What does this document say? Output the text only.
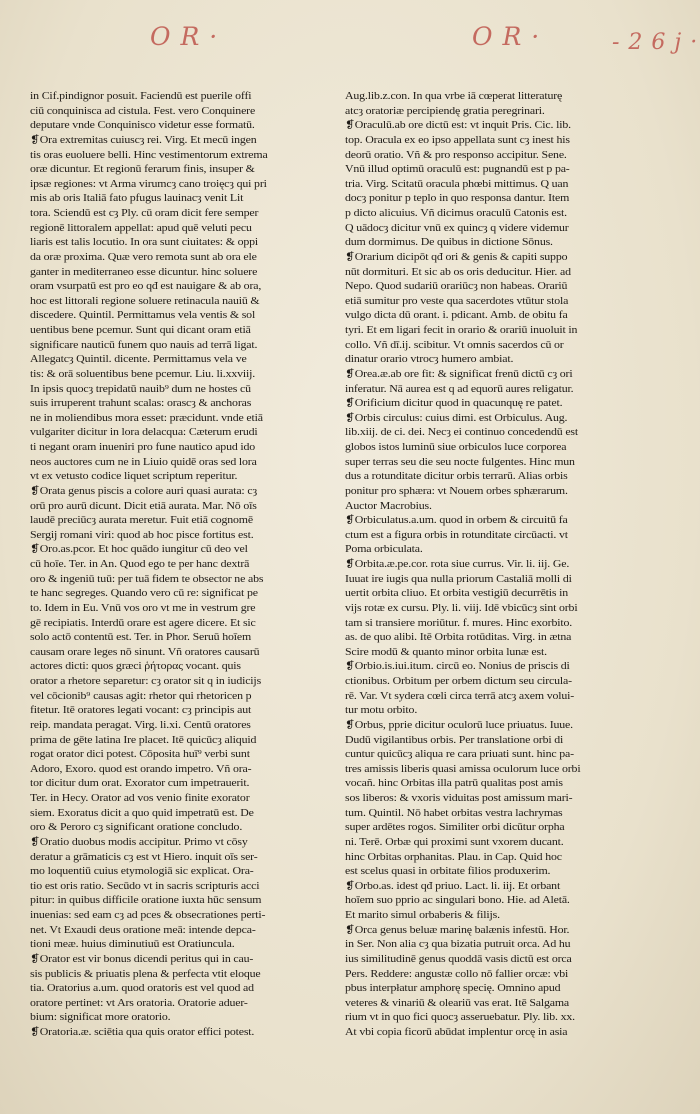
O R ·	O R ·	- 2 6 j ·
in Cif.pindignor posuit. Faciendū est puerile offi
ciū conquinisca ad cistula. Fest. vero Conquinere
deputare vnde Conquinisco videtur esse formatū.
❡Ora extremitas cuiuscȝ rei. Virg. Et mecū ingen
tis oras euoluere belli. Hinc vestimentorum extrema
oræ dicuntur. Et regionū ferarum finis, insuper &
ipsæ regiones: vt Arma virumcȝ cano troięcȝ qui pri
mis ab oris Italiā fato pfugus lauinacȝ venit Lit
tora. Sciendū est cȝ Ply. cū oram dicit fere semper
regionē littoralem appellat: apud quē veluti pecu
liaris est talis locutio. In ora sunt ciuitates: & oppi
da oræ proxima. Quæ vero remota sunt ab ora ele
ganter in mediterraneo esse dicuntur. hinc soluere
oram vsurpatū est pro eo qđ est nauigare & ab ora,
hoc est littorali regione soluere retinacula nauiū &
discedere. Quintil. Permittamus vela ventis & sol
uentibus bene pcemur. Sunt qui dicant oram etiā
significare nauticū funem quo nauis ad terrā ligat.
Allegatcȝ Quintil. dicente. Permittamus vela ve
tis: & orā soluentibus bene pcemur. Liu. li.xxviij.
In ipsis quocȝ trepidatū nauib⁹ dum ne hostes cū
suis irruperent trahunt scalas: orascȝ & anchoras
ne in moliendibus mora esset: præcidunt. vnde etiā
vulgariter dicitur in lora delacqua: Cæterum erudi
ti negant oram inueniri pro fune nautico apud ido
neos auctores cum ne in Liuio quidē oras sed lora
vt ex vetusto codice liquet scriptum reperitur.
❡Orata genus piscis a colore auri quasi aurata: cȝ
orū pro aurū dicunt. Dicit etiā aurata. Mar. Nō oīs
laudē preciūcȝ aurata meretur. Fuit etiā cognomē
Sergij romani viri: quod ab hoc pisce fortitus est.
❡Oro.as.pcor. Et hoc quādo iungitur cū deo vel
cū hoīe. Ter. in An. Quod ego te per hanc dextrā
oro & ingeniū tuū: per tuā fidem te obsector ne abs
te hanc segreges. Quando vero cū re: significat pe
to. Idem in Eu. Vnū vos oro vt me in vestrum gre
gē recipiatis. Interdū orare est agere dicere. Et sic
solo actō contentū est. Ter. in Phor. Seruū hoīem
causam orare leges nō sinunt. Vñ oratores causarū
actores dicti: quos græci ῥήτορας vocant. quis
orator a rhetore separetur: cȝ orator sit q in iudicijs
vel cōcionib⁹ causas agit: rhetor qui rhetoricen p
fitetur. Itē oratores legati vocant: cȝ principis aut
reip. mandata peragat. Virg. li.xi. Centū oratores
prima de gēte latina Ire placet. Itē quicūcȝ aliquid
rogat orator dici potest. Cōposita huī⁹ verbi sunt
Adoro, Exoro. quod est orando impetro. Vñ ora-
tor dicitur dum orat. Exorator cum impetrauerit.
Ter. in Hecy. Orator ad vos venio finite exorator
siem. Exoratus dicit a quo quid impetratū est. De
oro & Peroro cȝ significant oratione concludo.
❡Oratio duobus modis accipitur. Primo vt cōsy
deratur a grāmaticis cȝ est vt Hiero. inquit oīs ser-
mo loquentiū cuius etymologiā sic explicat. Ora-
tio est oris ratio. Secūdo vt in sacris scripturis acci
pitur: in quibus difficile oratione iuxta hūc sensum
inuenias: sed eam cȝ ad pces & obsecrationes perti-
net. Vt Exaudi deus oratione meā: intende depca-
tioni meæ. huius diminutiuū est Oratiuncula.
❡Orator est vir bonus dicendi peritus qui in cau-
sis publicis & priuatis plena & perfecta vtit eloque
tia. Oratorius a.um. quod oratoris est vel quod ad
oratore pertinet: vt Ars oratoria. Oratorie aduer-
bium: significat more oratorio.
❡Oratoria.æ. sciētia qua quis orator effici potest.
Aug.lib.z.con. In qua vrbe iā cœperat litteraturę
atcȝ oratoriæ percipiendę gratia peregrinari.
❡Oraculū.ab ore dictū est: vt inquit Pris. Cic. lib.
top. Oracula ex eo ipso appellata sunt cȝ inest his
deorū oratio. Vñ & pro responso accipitur. Sene.
Vnū illud optimū oraculū est: pugnandū est p pa-
tria. Virg. Scitatū oracula phœbi mittimus. Q uan
docȝ ponitur p teplo in quo responsa dantur. Item
p dicto alicuius. Vñ dicimus oraculū Catonis est.
Q uādocȝ dicitur vnū ex quincȝ q videre videmur
dum dormimus. De quibus in dictione Sōnus.
❡Orarium dicipōt qđ ori & genis & capiti suppo
nūt dormituri. Et sic ab os oris deducitur. Hier. ad
Nepo. Quod sudariū orariūcȝ non habeas. Orariū
etiā sumitur pro veste qua sacerdotes vtūtur stola
vulgo dicta dū orant. i. pdicant. Amb. de obitu fa
tyri. Et em ligari fecit in orario & orariū inuoluit in
collo. Vñ dī.ij. scibitur. Vt omnis sacerdos cū or
dinatur orario vtrocȝ humero ambiat.
❡Orea.æ.ab ore fit: & significat frenū dictū cȝ ori
inferatur. Nā aurea est q ad equorū aures religatur.
❡Orificium dicitur quod in quacunquę re patet.
❡Orbis circulus: cuius dimi. est Orbiculus. Aug.
lib.xiij. de ci. dei. Necȝ ei continuo concedendū est
globos istos luminū siue orbiculos luce corporea
super terras seu die seu nocte fulgentes. Hinc mun
dus a rotunditate dicitur orbis terrarū. Alias orbis
ponitur pro sphæra: vt Nouem orbes sphærarum.
Auctor Macrobius.
❡Orbiculatus.a.um. quod in orbem & circuitū fa
ctum est a figura orbis in rotunditate circūacti. vt
Poma orbiculata.
❡Orbita.æ.pe.cor. rota siue currus. Vir. li. iij. Ge.
Iuuat ire iugis qua nulla priorum Castaliā molli di
uertit orbita cliuo. Et orbita vestigiū decurrētis in
vijs rotæ ex cursu. Ply. li. viij. Idē vbicūcȝ sint orbi
tam si transiere moriūtur. f. mures. Hinc exorbito.
as. de quo alibi. Itē Orbita rotūditas. Virg. in ætna
Scire modū & quanto minor orbita lunæ est.
❡Orbio.is.iui.itum. circū eo. Nonius de priscis di
ctionibus. Orbitum per orbem dictum seu circula-
rē. Var. Vt sydera cœli circa terrā atcȝ axem volui-
tur motu orbito.
❡Orbus, pprie dicitur oculorū luce priuatus. Iuue.
Dudū vigilantibus orbis. Per translatione orbi di
cuntur quicūcȝ aliqua re cara priuati sunt. hinc pa-
tres amissis liberis quasi amissa oculorum luce orbi
vocañ. hinc Orbitas illa patrū qualitas post amis
sos liberos: & vxoris viduitas post amissum mari-
tum. Quintil. Nō habet orbitas vestra lachrymas
super ardētes rogos. Similiter orbi dicūtur orpha
ni. Terē. Orbæ qui proximi sunt vxorem ducant.
hinc Orbitas orphanitas. Plau. in Cap. Quid hoc
est scelus quasi in orbitate filios produxerim.
❡Orbo.as. idest qđ priuo. Lact. li. iij. Et orbant
hoīem suo pprio ac singulari bono. Hie. ad Aletā.
Et marito simul orbaberis & filijs.
❡Orca genus beluæ marinę balænis infestū. Hor.
in Ser. Non alia cȝ qua bizatia putruit orca. Ad hu
ius similitudinē genus quoddā vasis dictū est orca
Pers. Reddere: angustæ collo nō fallier orcæ: vbi
pbus interpłatur amphorę specię. Omnino apud
veteres & vinariū & oleariū vas erat. Itē Salgama
rium vt in quo fici quocȝ asseruebatur. Ply. lib. xx.
At vbi copia ficorū abūdat implentur orcę in asia
